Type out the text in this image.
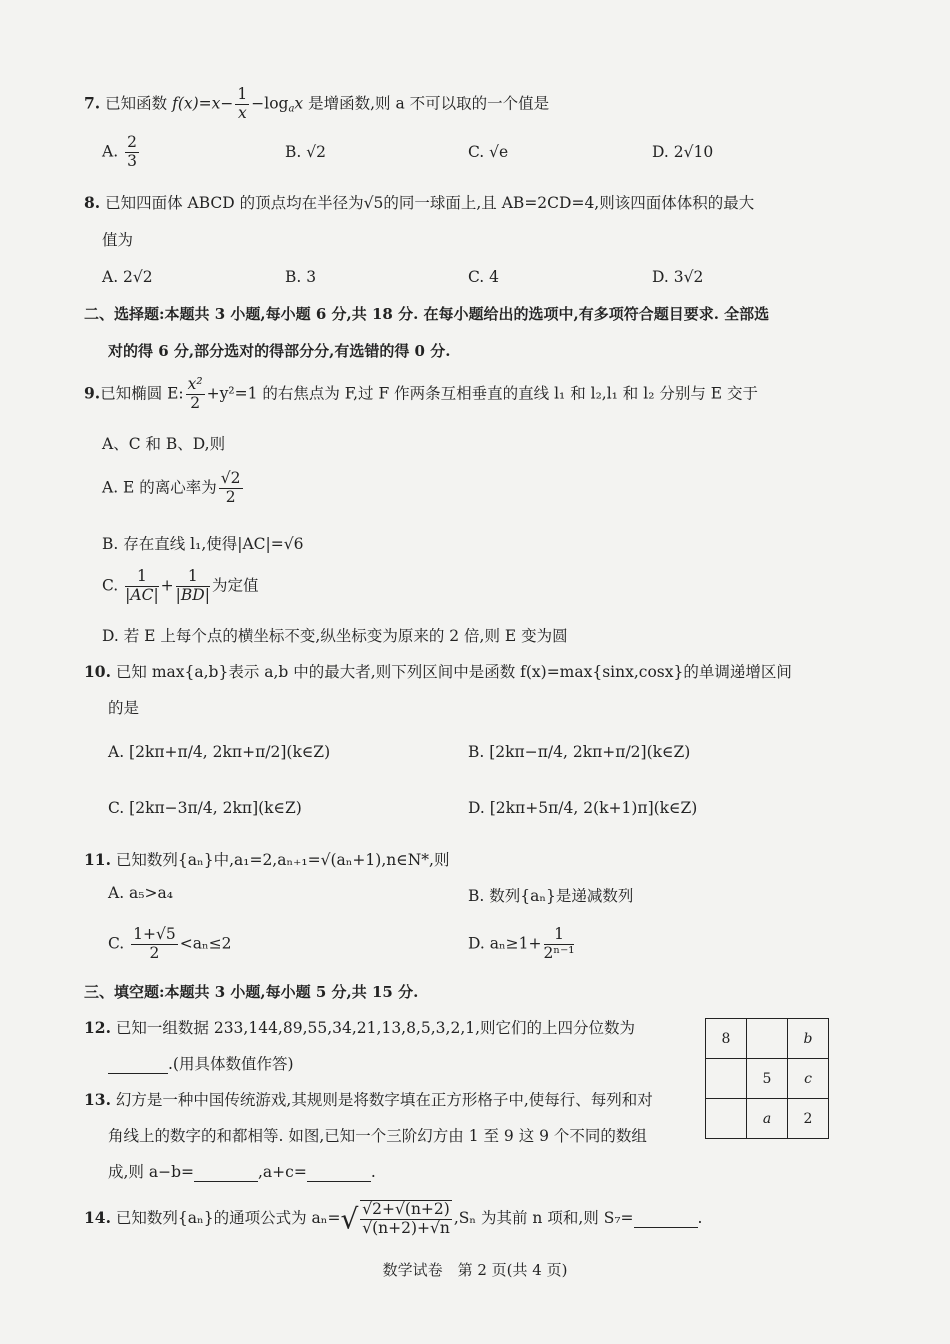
7. 已知函数 $f(x)=x- \frac{1}{x} -\log_ax$ 是增函数,则 a 不可以取的一个值是
A. $\frac{2}{3}$	B. √2	C. √e	D. 2√10
8. 已知四面体 ABCD 的顶点均在半径为√5的同一球面上,且 AB=2CD=4,则该四面体体积的最大
值为
A. 2√2	B. 3	C. 4	D. 3√2
二、选择题:本题共 3 小题,每小题 6 分,共 18 分. 在每小题给出的选项中,有多项符合题目要求. 全部选
对的得 6 分,部分选对的得部分分,有选错的得 0 分.
9.已知椭圆 E: $\frac{\text{x²}}{2} +y^2=1$ 的右焦点为 F,过 F 作两条互相垂直的直线 l₁ 和 l₂,l₁ 和 l₂ 分别与 E 交于
A、C 和 B、D,则
A. E 的离心率为 $\frac{√2}{2}$
B. 存在直线 l₁,使得|AC|=√6
C. $\frac{1}{|AC|} + \frac{1}{|BD|}$ 为定值
D. 若 E 上每个点的横坐标不变,纵坐标变为原来的 2 倍,则 E 变为圆
10. 已知 max{a,b}表示 a,b 中的最大者,则下列区间中是函数 f(x)=max{sinx,cosx}的单调递增区间
的是
A. [2kπ+π/4, 2kπ+π/2](k∈Z)	B. [2kπ−π/4, 2kπ+π/2](k∈Z)
C. [2kπ−3π/4, 2kπ](k∈Z)	D. [2kπ+5π/4, 2(k+1)π](k∈Z)
11. 已知数列{aₙ}中,a₁=2,aₙ₊₁=√(aₙ+1),n∈N*,则
A. a₅>a₄	B. 数列{aₙ}是递减数列
C. $\frac{1+√5}{2} <a_n\le 2$	D. $a_n\ge 1+ \frac{1}{\text{2ⁿ⁻¹}}$
三、填空题:本题共 3 小题,每小题 5 分,共 15 分.
12. 已知一组数据 233,144,89,55,34,21,13,8,5,3,2,1,则它们的上四分位数为
.(用具体数值作答)
13. 幻方是一种中国传统游戏,其规则是将数字填在正方形格子中,使每行、每列和对
角线上的数字的和都相等. 如图,已知一个三阶幻方由 1 至 9 这 9 个不同的数组
成,则 a−b=	,a+c=	.
8		b
	5	c
	a	2
14. 已知数列{aₙ}的通项公式为 $a_n=√ \frac{√2+√(n+2)}{√(n+2)+√n} ,S_n$ 为其前 n 项和,则 S₇=	.
数学试卷　第 2 页(共 4 页)
